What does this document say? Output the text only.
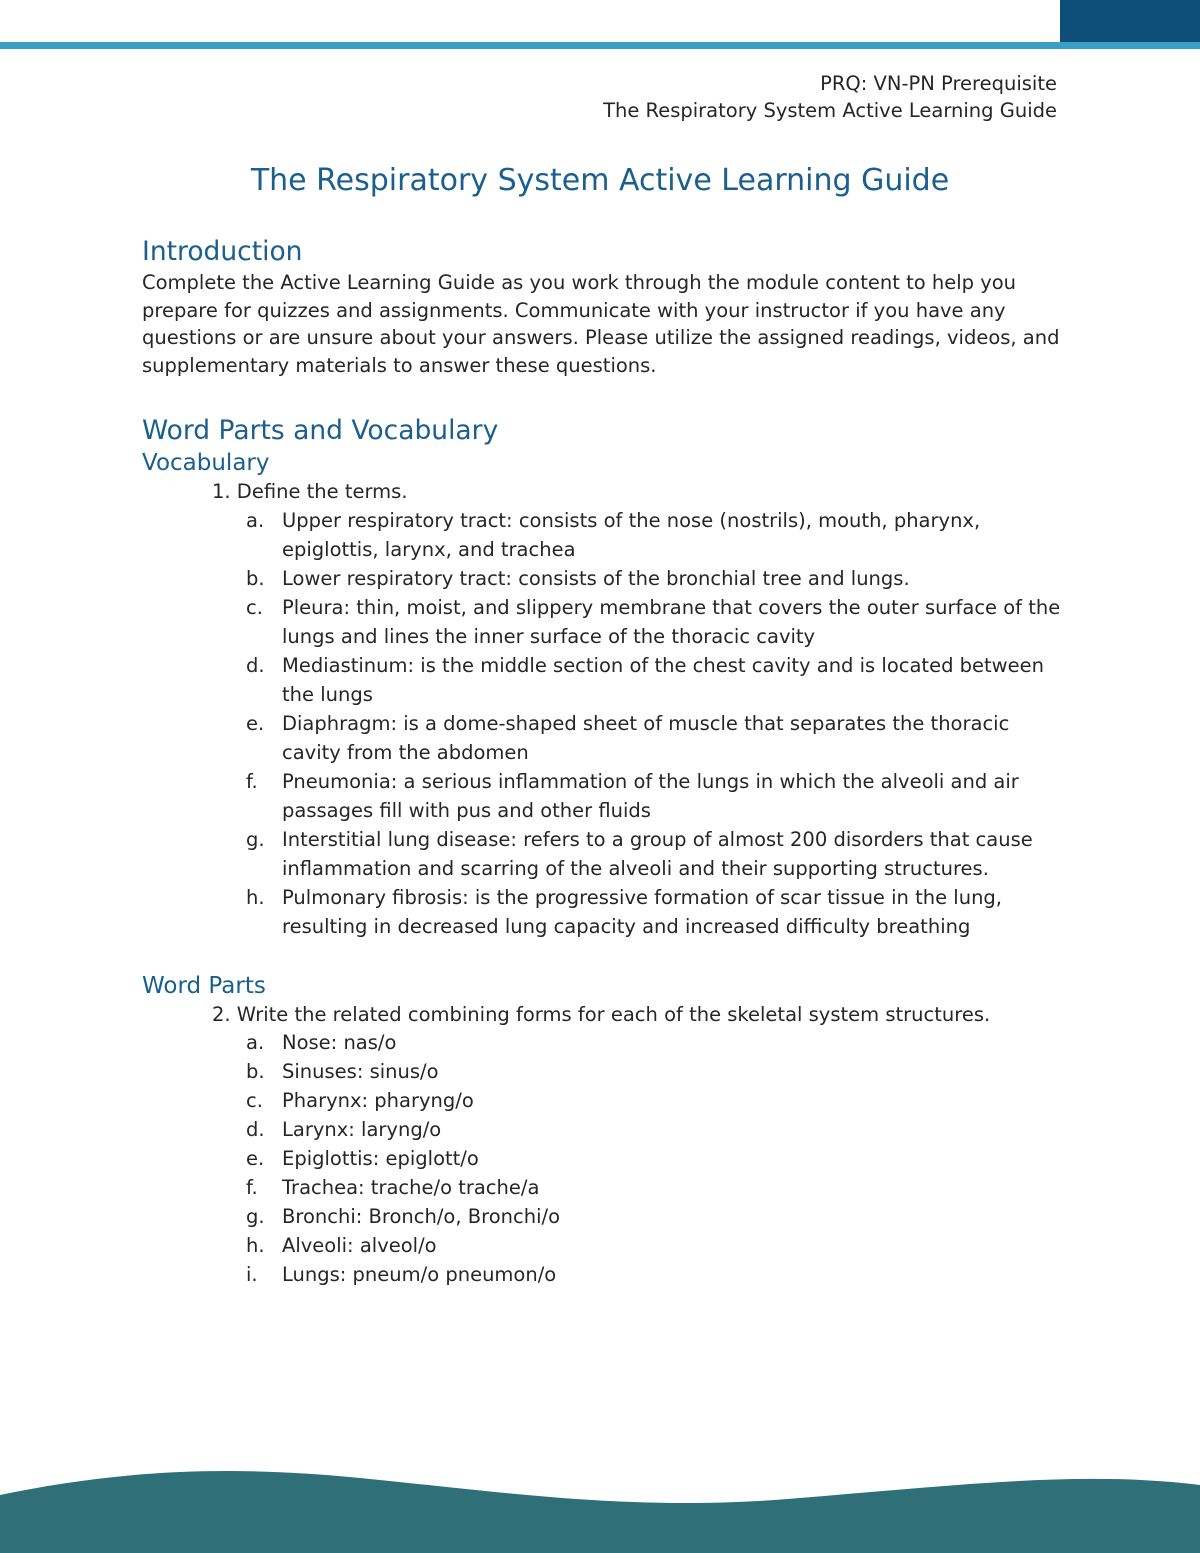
PRQ: VN-PN Prerequisite
The Respiratory System Active Learning Guide
The Respiratory System Active Learning Guide
Introduction

Complete the Active Learning Guide as you work through the module content to help you prepare for quizzes and assignments. Communicate with your instructor if you have any questions or are unsure about your answers. Please utilize the assigned readings, videos, and supplementary materials to answer these questions.

Word Parts and Vocabulary
Vocabulary

1. Define the terms.

a. Upper respiratory tract: consists of the nose (nostrils), mouth, pharynx, epiglottis, larynx, and trachea
b. Lower respiratory tract: consists of the bronchial tree and lungs.
c. Pleura: thin, moist, and slippery membrane that covers the outer surface of the lungs and lines the inner surface of the thoracic cavity
d. Mediastinum: is the middle section of the chest cavity and is located between the lungs
e. Diaphragm: is a dome-shaped sheet of muscle that separates the thoracic cavity from the abdomen
f. Pneumonia: a serious inflammation of the lungs in which the alveoli and air passages fill with pus and other fluids
g. Interstitial lung disease: refers to a group of almost 200 disorders that cause inflammation and scarring of the alveoli and their supporting structures.
h. Pulmonary fibrosis: is the progressive formation of scar tissue in the lung, resulting in decreased lung capacity and increased difficulty breathing
Word Parts

2. Write the related combining forms for each of the skeletal system structures.

a. Nose: nas/o
b. Sinuses: sinus/o
c. Pharynx: pharyng/o
d. Larynx: laryng/o
e. Epiglottis: epiglott/o
f. Trachea: trache/o trache/a
g. Bronchi: Bronch/o, Bronchi/o
h. Alveoli: alveol/o
i. Lungs: pneum/o pneumon/o
